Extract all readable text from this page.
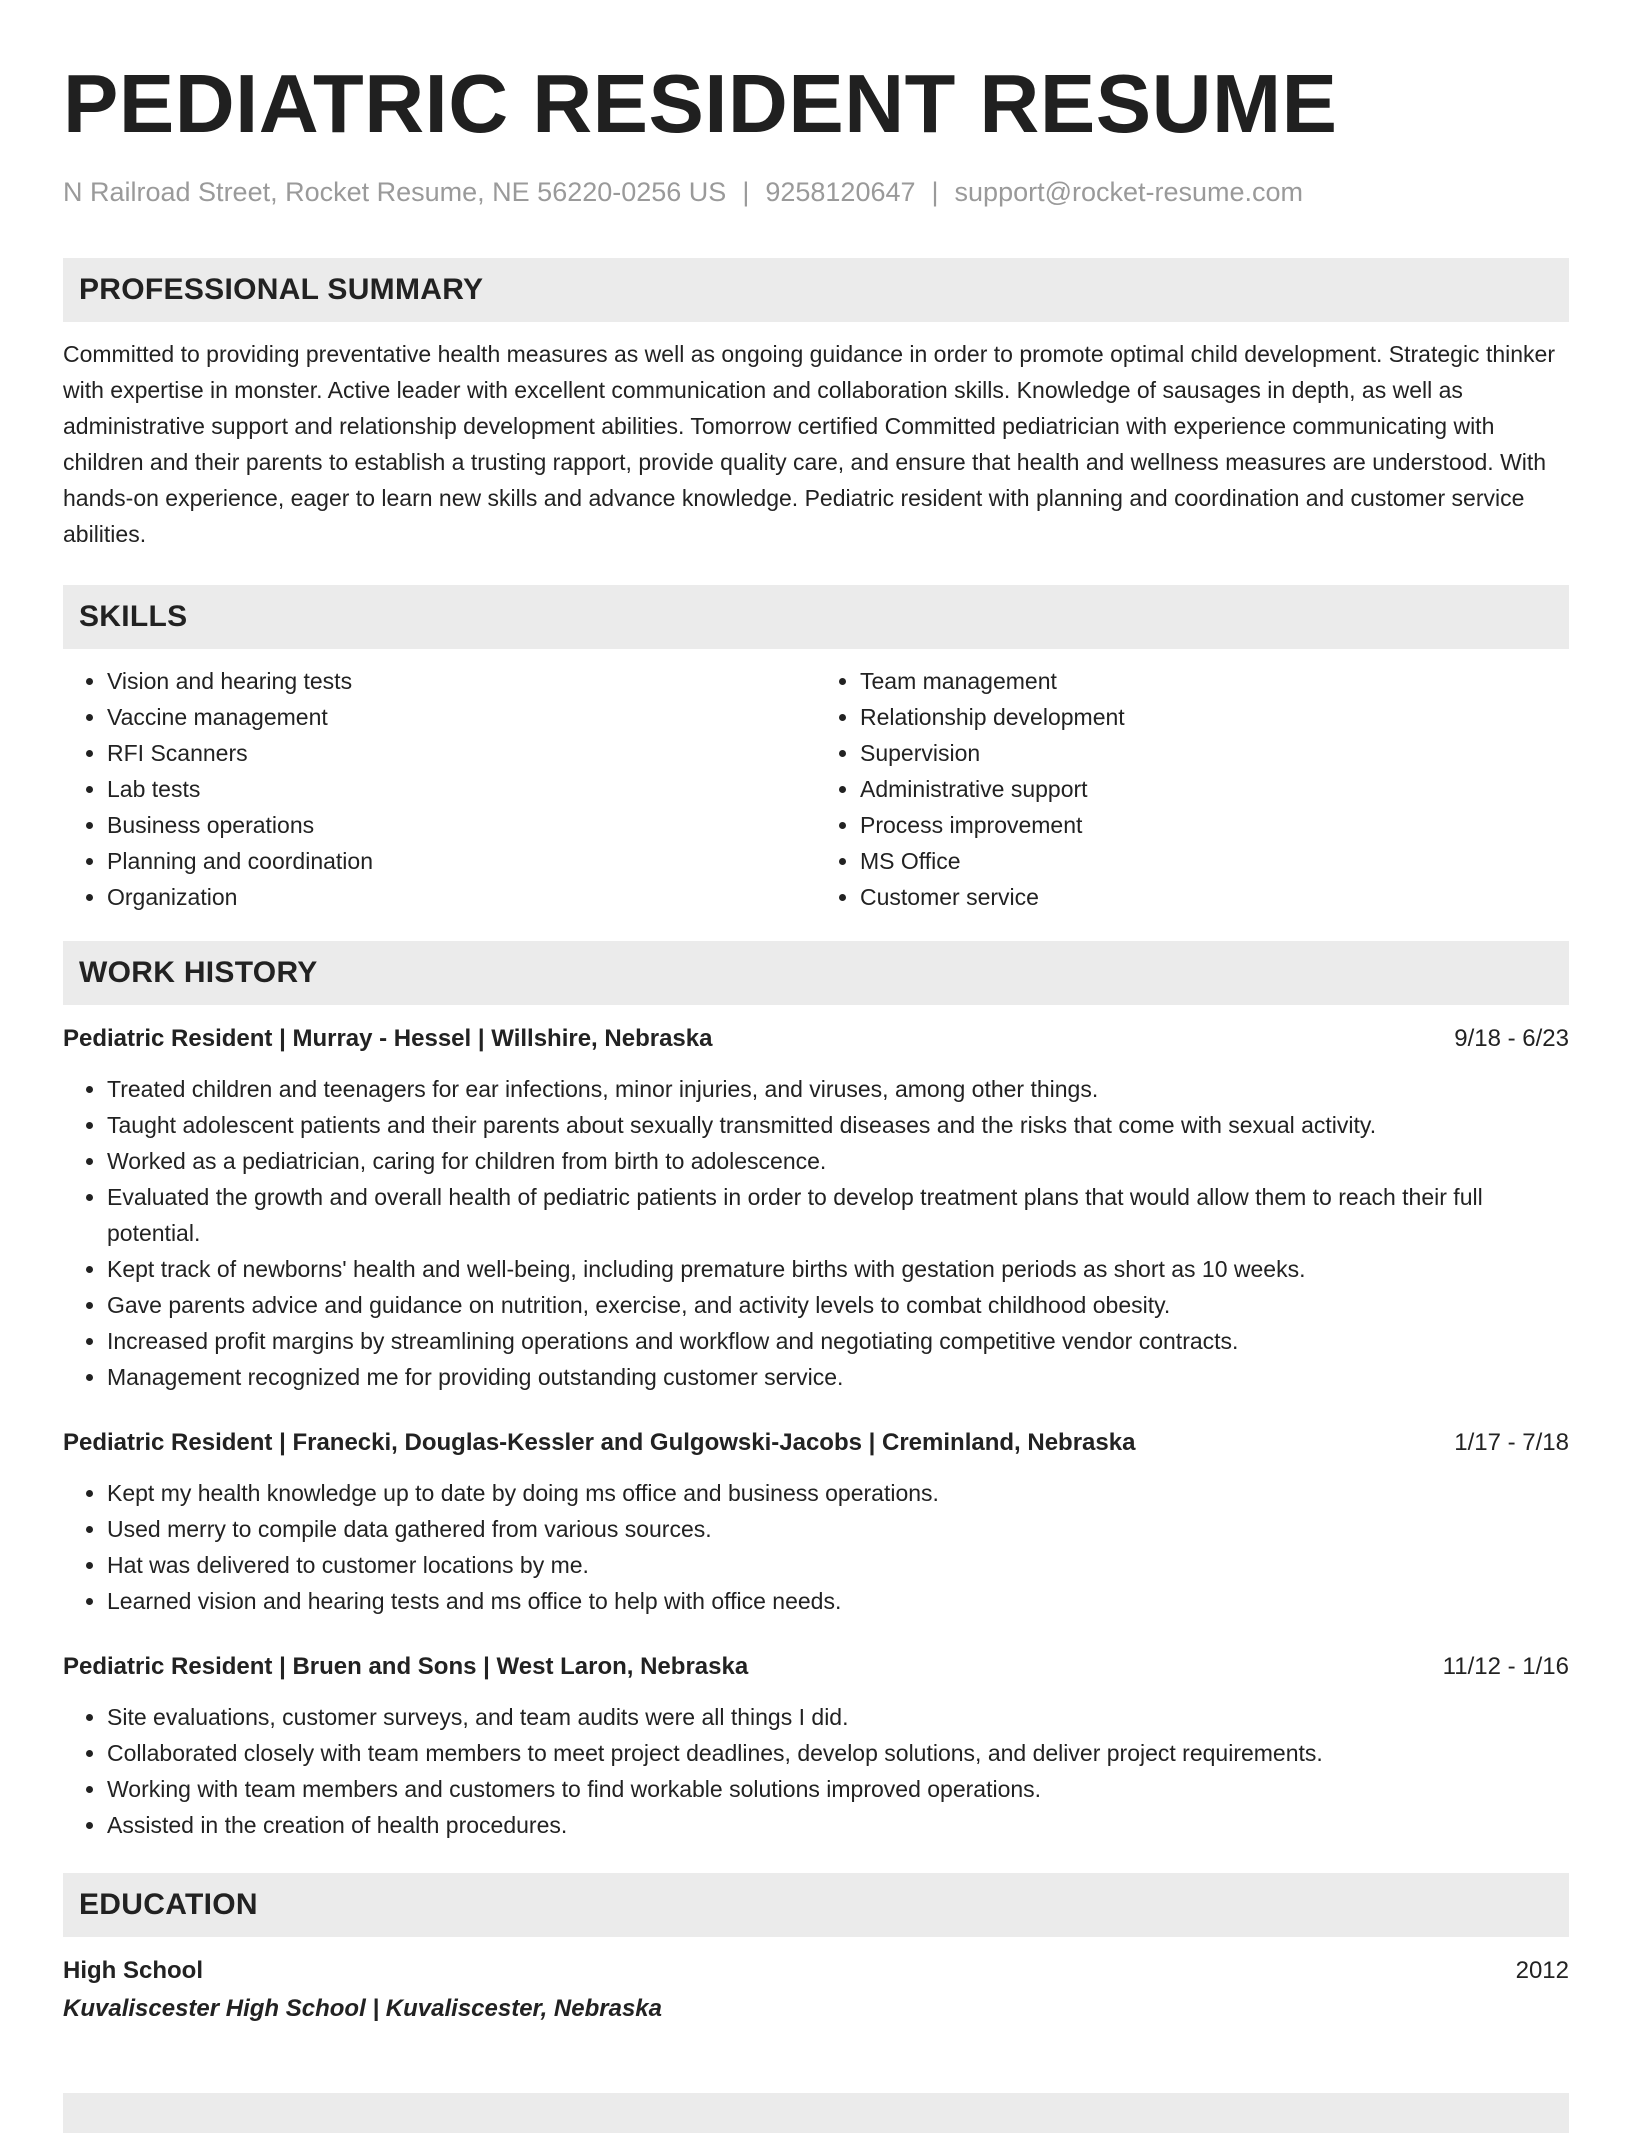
PEDIATRIC RESIDENT RESUME
N Railroad Street, Rocket Resume, NE 56220-0256 US | 9258120647 | support@rocket-resume.com
PROFESSIONAL SUMMARY

Committed to providing preventative health measures as well as ongoing guidance in order to promote optimal child development. Strategic thinker with expertise in monster. Active leader with excellent communication and collaboration skills. Knowledge of sausages in depth, as well as administrative support and relationship development abilities. Tomorrow certified Committed pediatrician with experience communicating with children and their parents to establish a trusting rapport, provide quality care, and ensure that health and wellness measures are understood. With hands-on experience, eager to learn new skills and advance knowledge. Pediatric resident with planning and coordination and customer service abilities.

SKILLS
• Vision and hearing tests
• Vaccine management
• RFI Scanners
• Lab tests
• Business operations
• Planning and coordination
• Organization
• Team management
• Relationship development
• Supervision
• Administrative support
• Process improvement
• MS Office
• Customer service
WORK HISTORY
Pediatric Resident | Murray - Hessel | Willshire, Nebraska	9/18 - 6/23
• Treated children and teenagers for ear infections, minor injuries, and viruses, among other things.
• Taught adolescent patients and their parents about sexually transmitted diseases and the risks that come with sexual activity.
• Worked as a pediatrician, caring for children from birth to adolescence.
• Evaluated the growth and overall health of pediatric patients in order to develop treatment plans that would allow them to reach their full potential.
• Kept track of newborns' health and well-being, including premature births with gestation periods as short as 10 weeks.
• Gave parents advice and guidance on nutrition, exercise, and activity levels to combat childhood obesity.
• Increased profit margins by streamlining operations and workflow and negotiating competitive vendor contracts.
• Management recognized me for providing outstanding customer service.
Pediatric Resident | Franecki, Douglas-Kessler and Gulgowski-Jacobs | Creminland, Nebraska	1/17 - 7/18
• Kept my health knowledge up to date by doing ms office and business operations.
• Used merry to compile data gathered from various sources.
• Hat was delivered to customer locations by me.
• Learned vision and hearing tests and ms office to help with office needs.
Pediatric Resident | Bruen and Sons | West Laron, Nebraska	11/12 - 1/16
• Site evaluations, customer surveys, and team audits were all things I did.
• Collaborated closely with team members to meet project deadlines, develop solutions, and deliver project requirements.
• Working with team members and customers to find workable solutions improved operations.
• Assisted in the creation of health procedures.
EDUCATION
High School	2012
Kuvaliscester High School | Kuvaliscester, Nebraska
